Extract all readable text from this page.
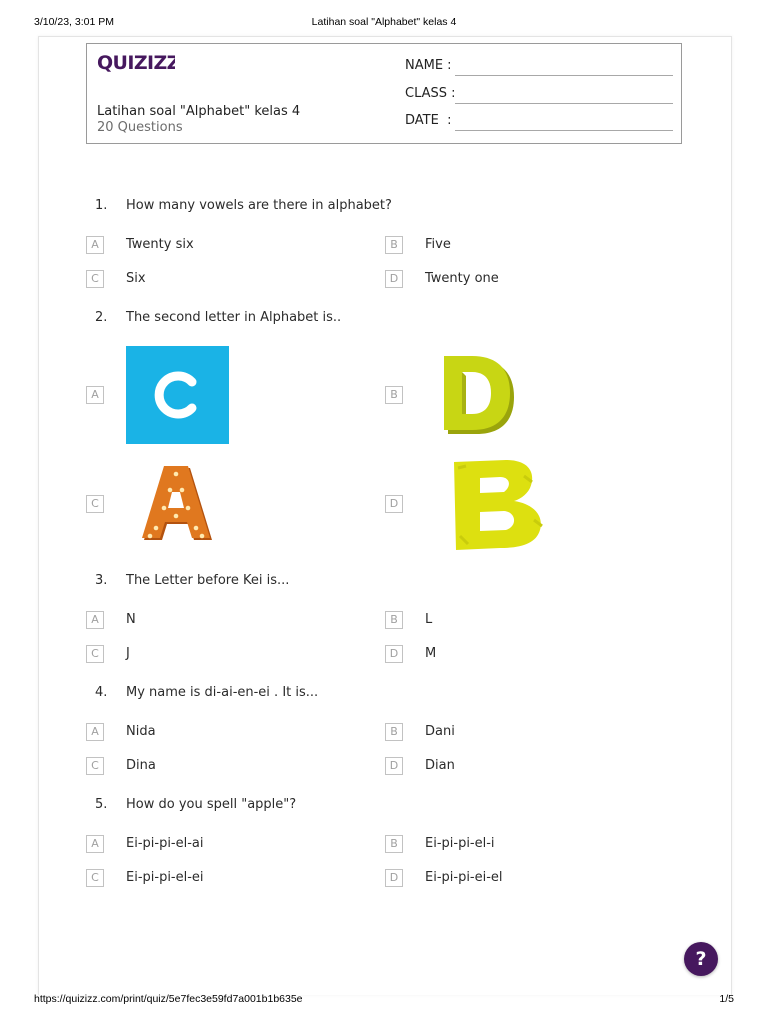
3/10/23, 3:01 PM	Latihan soal "Alphabet" kelas 4
QUIZIZZ
Latihan soal "Alphabet" kelas 4
20 Questions
NAME :
CLASS :
DATE  :
1. How many vowels are there in alphabet?
A	Twenty six	B	Five
C	Six	D	Twenty one
2. The second letter in Alphabet is..
A	B
C	D
3. The Letter before Kei is...
A	N	B	L
C	J	D	M
4. My name is di-ai-en-ei . It is...
A	Nida	B	Dani
C	Dina	D	Dian
5. How do you spell "apple"?
A	Ei-pi-pi-el-ai	B	Ei-pi-pi-el-i
C	Ei-pi-pi-el-ei	D	Ei-pi-pi-ei-el
?
https://quizizz.com/print/quiz/5e7fec3e59fd7a001b1b635e	1/5
